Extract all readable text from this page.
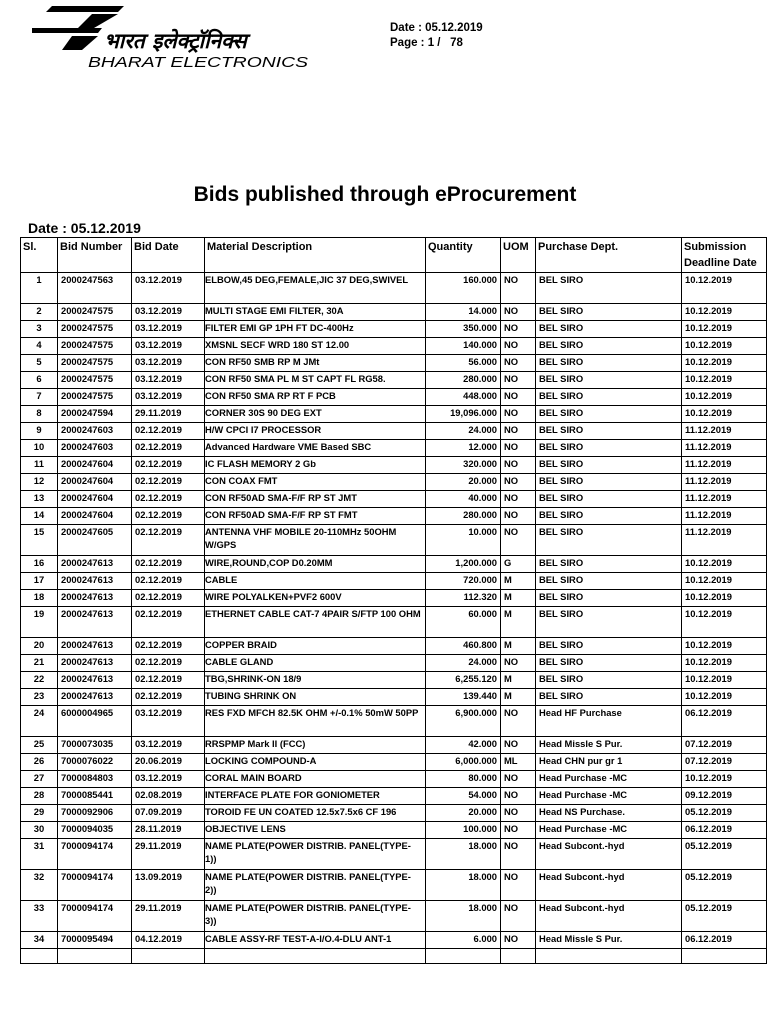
भारत इलेक्ट्रॉनिक्स
BHARAT ELECTRONICS
Date : 05.12.2019
Page : 1 /   78
Bids published through eProcurement
Date : 05.12.2019
Sl.	Bid Number	Bid Date	Material Description	Quantity	UOM	Purchase Dept.	Submission Deadline Date
1	2000247563	03.12.2019	ELBOW,45 DEG,FEMALE,JIC 37 DEG,SWIVEL	160.000	NO	BEL SIRO	10.12.2019
2	2000247575	03.12.2019	MULTI STAGE EMI FILTER, 30A	14.000	NO	BEL SIRO	10.12.2019
3	2000247575	03.12.2019	FILTER EMI GP 1PH FT DC-400Hz	350.000	NO	BEL SIRO	10.12.2019
4	2000247575	03.12.2019	XMSNL SECF WRD 180 ST 12.00	140.000	NO	BEL SIRO	10.12.2019
5	2000247575	03.12.2019	CON RF50 SMB RP M JMt	56.000	NO	BEL SIRO	10.12.2019
6	2000247575	03.12.2019	CON RF50 SMA PL M ST CAPT FL RG58.	280.000	NO	BEL SIRO	10.12.2019
7	2000247575	03.12.2019	CON RF50 SMA RP RT F PCB	448.000	NO	BEL SIRO	10.12.2019
8	2000247594	29.11.2019	CORNER 30S 90 DEG EXT	19,096.000	NO	BEL SIRO	10.12.2019
9	2000247603	02.12.2019	H/W CPCI I7 PROCESSOR	24.000	NO	BEL SIRO	11.12.2019
10	2000247603	02.12.2019	Advanced Hardware VME Based SBC	12.000	NO	BEL SIRO	11.12.2019
11	2000247604	02.12.2019	IC FLASH MEMORY 2 Gb	320.000	NO	BEL SIRO	11.12.2019
12	2000247604	02.12.2019	CON COAX FMT	20.000	NO	BEL SIRO	11.12.2019
13	2000247604	02.12.2019	CON RF50AD SMA-F/F RP ST JMT	40.000	NO	BEL SIRO	11.12.2019
14	2000247604	02.12.2019	CON RF50AD SMA-F/F RP ST FMT	280.000	NO	BEL SIRO	11.12.2019
15	2000247605	02.12.2019	ANTENNA VHF MOBILE 20-110MHz 50OHM W/GPS	10.000	NO	BEL SIRO	11.12.2019
16	2000247613	02.12.2019	WIRE,ROUND,COP D0.20MM	1,200.000	G	BEL SIRO	10.12.2019
17	2000247613	02.12.2019	CABLE	720.000	M	BEL SIRO	10.12.2019
18	2000247613	02.12.2019	WIRE POLYALKEN+PVF2 600V	112.320	M	BEL SIRO	10.12.2019
19	2000247613	02.12.2019	ETHERNET CABLE CAT-7 4PAIR S/FTP 100 OHM	60.000	M	BEL SIRO	10.12.2019
20	2000247613	02.12.2019	COPPER BRAID	460.800	M	BEL SIRO	10.12.2019
21	2000247613	02.12.2019	CABLE GLAND	24.000	NO	BEL SIRO	10.12.2019
22	2000247613	02.12.2019	TBG,SHRINK-ON 18/9	6,255.120	M	BEL SIRO	10.12.2019
23	2000247613	02.12.2019	TUBING SHRINK ON	139.440	M	BEL SIRO	10.12.2019
24	6000004965	03.12.2019	RES FXD MFCH 82.5K OHM +/-0.1% 50mW 50PP	6,900.000	NO	Head HF Purchase	06.12.2019
25	7000073035	03.12.2019	RRSPMP Mark II (FCC)	42.000	NO	Head Missle S Pur.	07.12.2019
26	7000076022	20.06.2019	LOCKING COMPOUND-A	6,000.000	ML	Head CHN pur gr 1	07.12.2019
27	7000084803	03.12.2019	CORAL MAIN BOARD	80.000	NO	Head Purchase -MC	10.12.2019
28	7000085441	02.08.2019	INTERFACE PLATE FOR GONIOMETER	54.000	NO	Head Purchase -MC	09.12.2019
29	7000092906	07.09.2019	TOROID FE UN COATED 12.5x7.5x6 CF 196	20.000	NO	Head NS Purchase.	05.12.2019
30	7000094035	28.11.2019	OBJECTIVE LENS	100.000	NO	Head Purchase -MC	06.12.2019
31	7000094174	29.11.2019	NAME PLATE(POWER DISTRIB. PANEL(TYPE-1))	18.000	NO	Head Subcont.-hyd	05.12.2019
32	7000094174	13.09.2019	NAME PLATE(POWER DISTRIB. PANEL(TYPE-2))	18.000	NO	Head Subcont.-hyd	05.12.2019
33	7000094174	29.11.2019	NAME PLATE(POWER DISTRIB. PANEL(TYPE-3))	18.000	NO	Head Subcont.-hyd	05.12.2019
34	7000095494	04.12.2019	CABLE ASSY-RF TEST-A-I/O.4-DLU ANT-1	6.000	NO	Head Missle S Pur.	06.12.2019
